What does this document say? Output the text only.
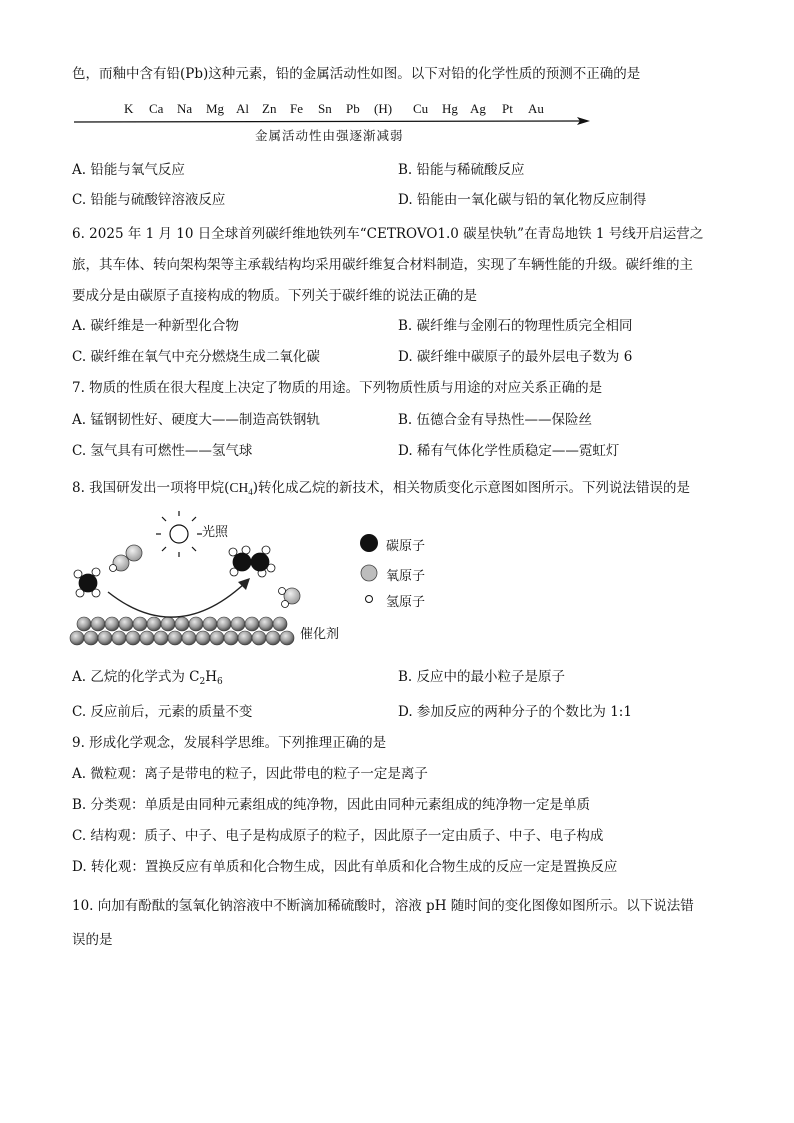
色，而釉中含有铅(Pb)这种元素，铅的金属活动性如图。以下对铅的化学性质的预测不正确的是
K Ca Na Mg Al Zn Fe Sn Pb (H) Cu Hg Ag Pt Au
金属活动性由强逐渐减弱
A. 铅能与氧气反应	B. 铅能与稀硫酸反应
C. 铅能与硫酸锌溶液反应	D. 铅能由一氧化碳与铅的氧化物反应制得
6. 2025 年 1 月 10 日全球首列碳纤维地铁列车“CETROVO1.0 碳星快轨”在青岛地铁 1 号线开启运营之
旅，其车体、转向架构架等主承载结构均采用碳纤维复合材料制造，实现了车辆性能的升级。碳纤维的主
要成分是由碳原子直接构成的物质。下列关于碳纤维的说法正确的是
A. 碳纤维是一种新型化合物	B. 碳纤维与金刚石的物理性质完全相同
C. 碳纤维在氧气中充分燃烧生成二氧化碳	D. 碳纤维中碳原子的最外层电子数为 6
7. 物质的性质在很大程度上决定了物质的用途。下列物质性质与用途的对应关系正确的是
A. 锰钢韧性好、硬度大——制造高铁钢轨	B. 伍德合金有导热性——保险丝
C. 氢气具有可燃性——氢气球	D. 稀有气体化学性质稳定——霓虹灯
8. 我国研发出一项将甲烷$(CH_4)$转化成乙烷的新技术，相关物质变化示意图如图所示。下列说法错误的是
光照
催化剂
碳原子
氧原子
氢原子
A. 乙烷的化学式为 $C_2H_6$	B. 反应中的最小粒子是原子
C. 反应前后，元素的质量不变	D. 参加反应的两种分子的个数比为 1:1
9. 形成化学观念，发展科学思维。下列推理正确的是
A. 微粒观：离子是带电的粒子，因此带电的粒子一定是离子
B. 分类观：单质是由同种元素组成的纯净物，因此由同种元素组成的纯净物一定是单质
C. 结构观：质子、中子、电子是构成原子的粒子，因此原子一定由质子、中子、电子构成
D. 转化观：置换反应有单质和化合物生成，因此有单质和化合物生成的反应一定是置换反应
10. 向加有酚酞的氢氧化钠溶液中不断滴加稀硫酸时，溶液 pH 随时间的变化图像如图所示。以下说法错
误的是
